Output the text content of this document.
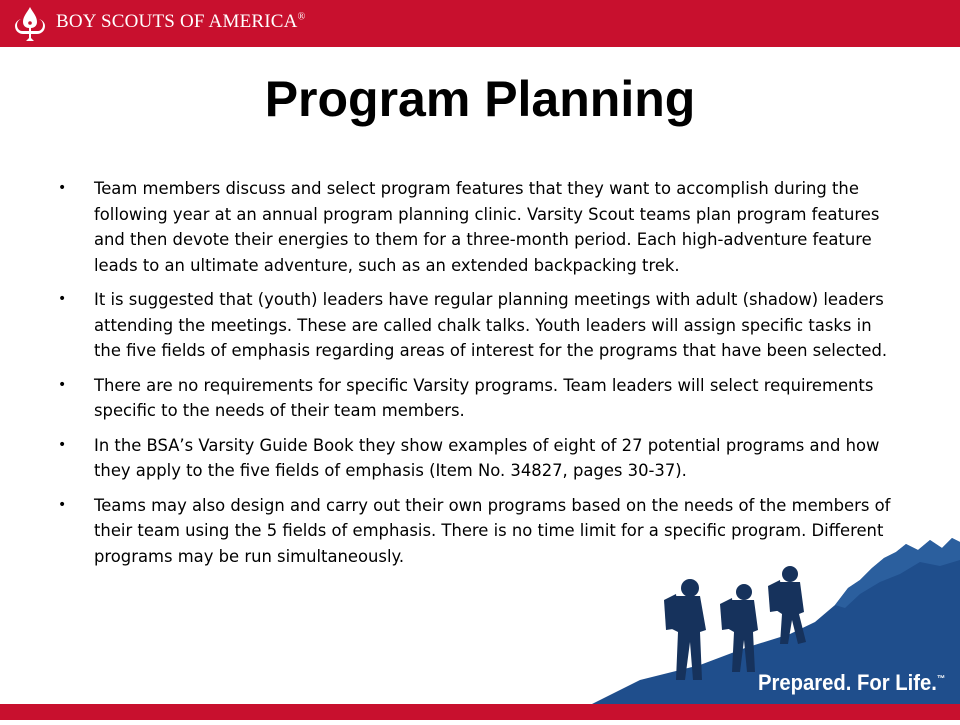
BOY SCOUTS OF AMERICA®
Program Planning
• Team members discuss and select program features that they want to accomplish during the following year at an annual program planning clinic. Varsity Scout teams plan program features and then devote their energies to them for a three-month period. Each high-adventure feature leads to an ultimate adventure, such as an extended backpacking trek.
• It is suggested that (youth) leaders have regular planning meetings with adult (shadow) leaders attending the meetings. These are called chalk talks. Youth leaders will assign specific tasks in the five fields of emphasis regarding areas of interest for the programs that have been selected.
• There are no requirements for specific Varsity programs. Team leaders will select requirements specific to the needs of their team members.
• In the BSA’s Varsity Guide Book they show examples of eight of 27 potential programs and how they apply to the five fields of emphasis (Item No. 34827, pages 30-37).
• Teams may also design and carry out their own programs based on the needs of the members of their team using the 5 fields of emphasis. There is no time limit for a specific program. Different programs may be run simultaneously.
Prepared. For Life.™
